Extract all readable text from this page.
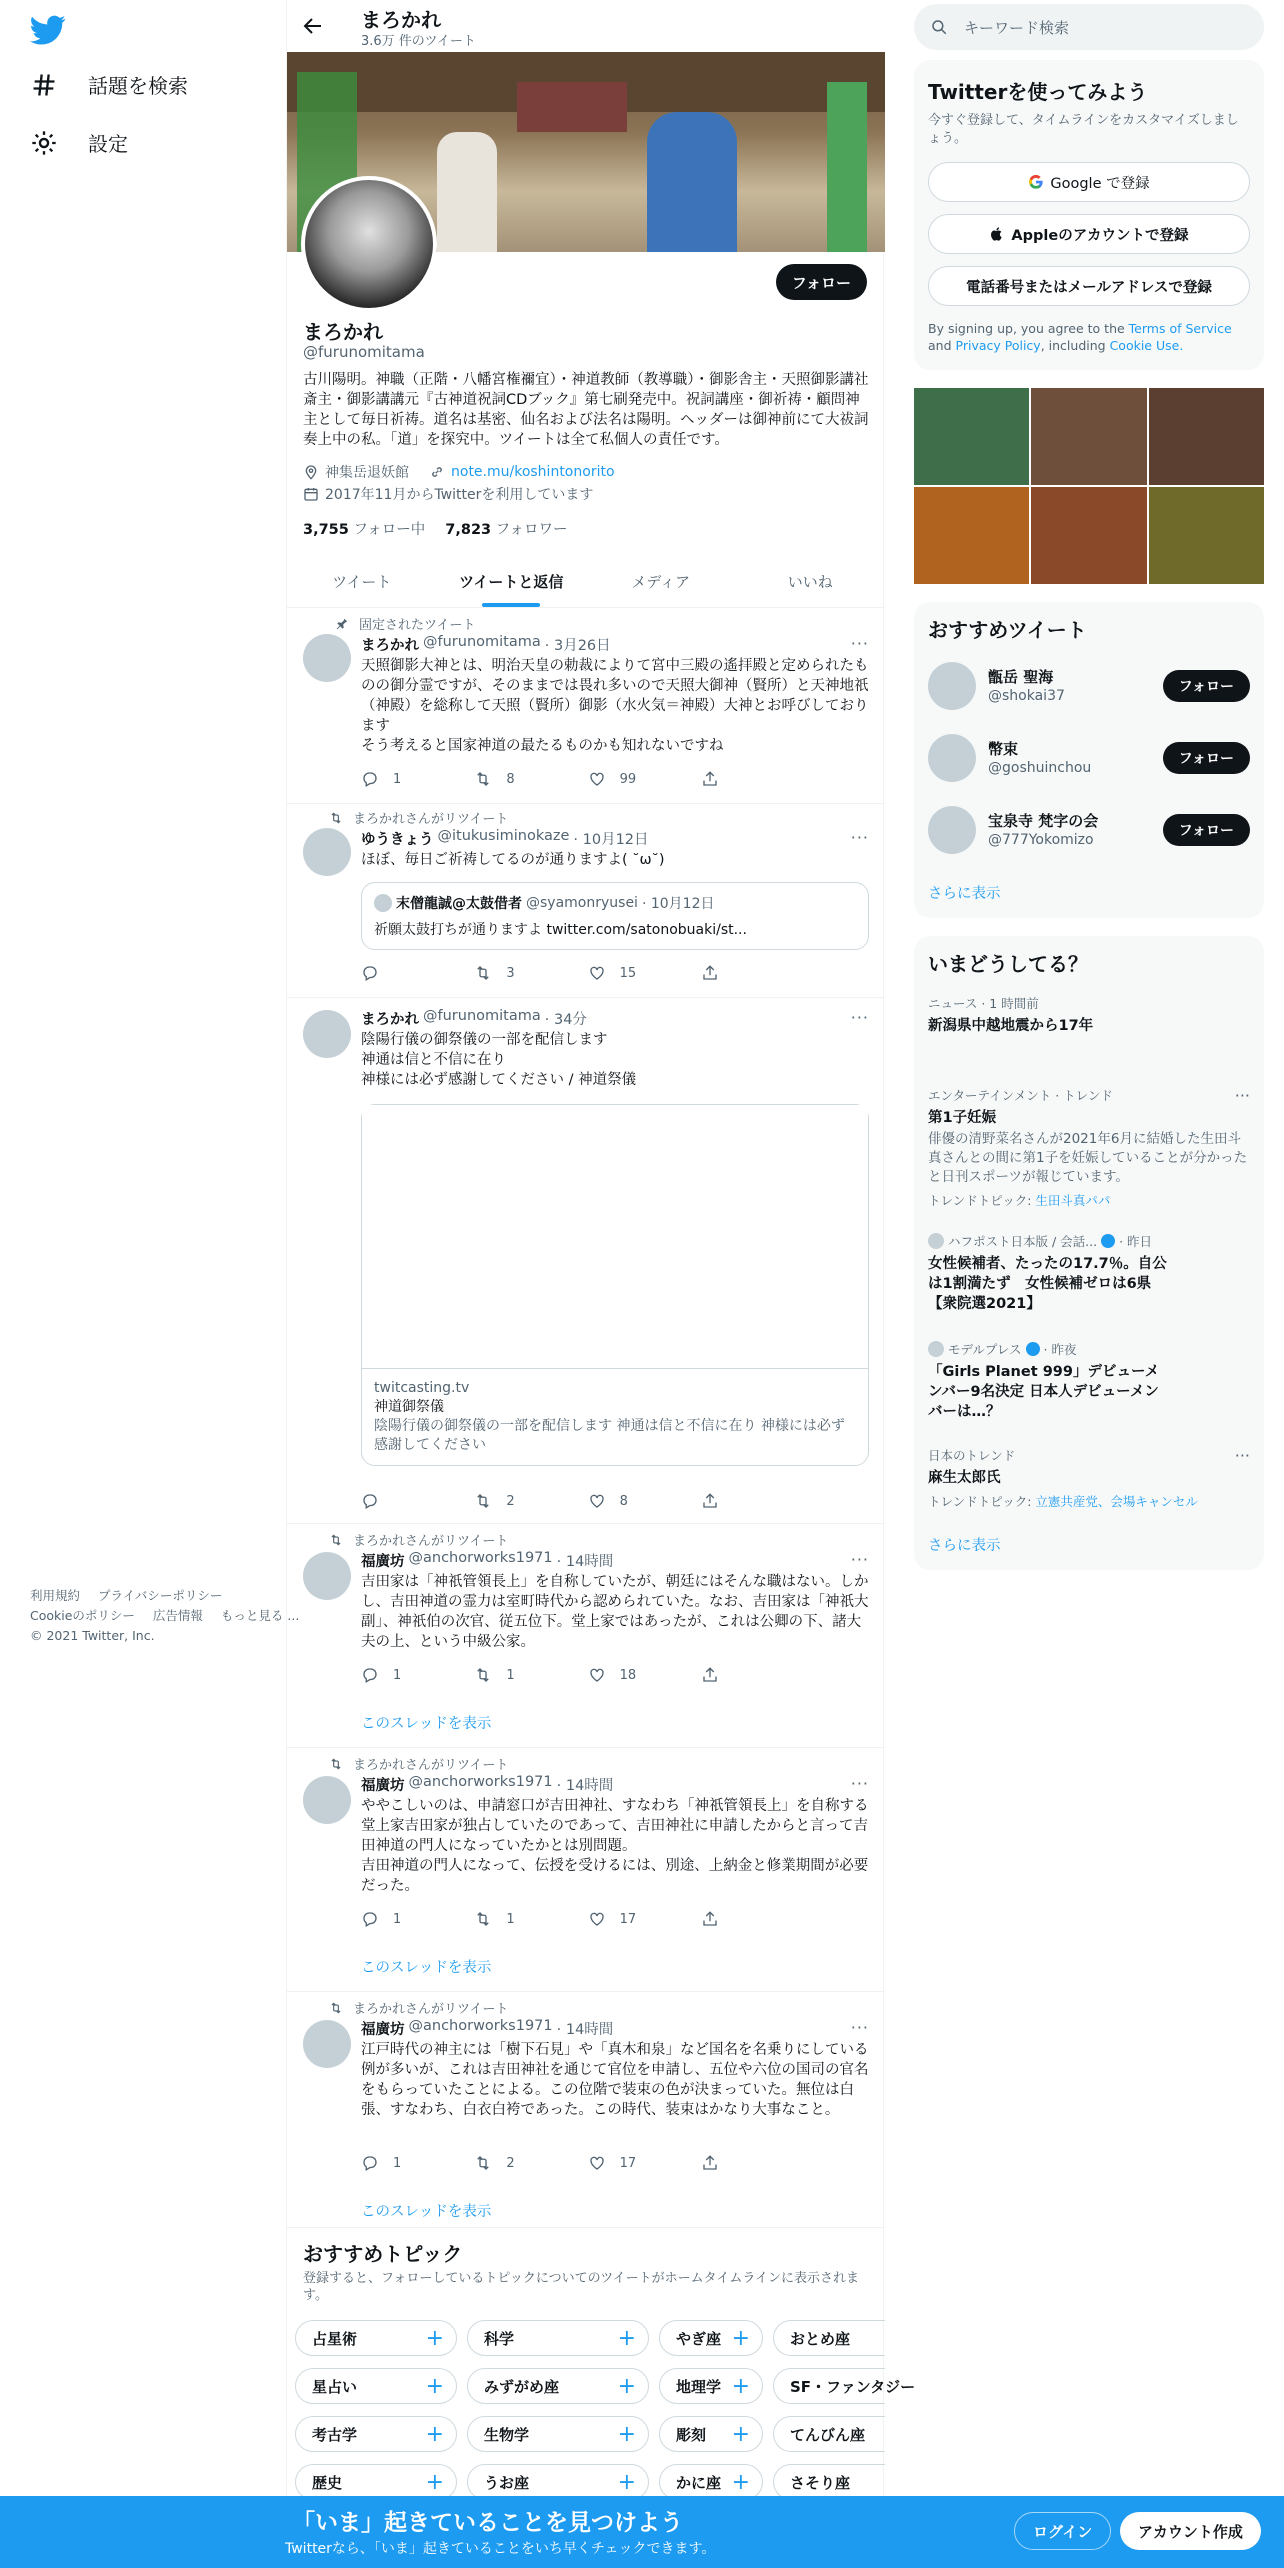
話題を検索
設定
まろかれ
3.6万 件のツイート
フォロー
まろかれ
@furunomitama
古川陽明。神職（正階・八幡宮権禰宜）・神道教師（教導職）・御影舎主・天照御影講社斎主・御影講講元『古神道祝詞CDブック』第七刷発売中。祝詞講座・御祈祷・顧問神主として毎日祈祷。道名は基密、仙名および法名は陽明。ヘッダーは御神前にて大祓詞奏上中の私。「道」を探究中。ツイートは全て私個人の責任です。
神集岳退妖館	note.mu/koshintonorito
2017年11月からTwitterを利用しています
3,755 フォロー中 7,823 フォロワー
ツイート	ツイートと返信	メディア	いいね
固定されたツイート
まろかれ @furunomitama · 3月26日	···
天照御影大神とは、明治天皇の勅裁によりて宮中三殿の遙拝殿と定められたものの御分霊ですが、そのままでは畏れ多いので天照大御神（賢所）と天神地祇（神殿）を総称して天照（賢所）御影（水火気＝神殿）大神とお呼びしております
そう考えると国家神道の最たるものかも知れないですね
1	8	99
まろかれさんがリツイート
ゆうきょう @itukusiminokaze · 10月12日	···
ほぼ、毎日ご祈祷してるのが通りますよ( ˘ω˘)
末僧龍誠@太鼓借者 @syamonryusei · 10月12日
祈願太鼓打ちが通りますよ twitter.com/satonobuaki/st...
3	15
まろかれ @furunomitama · 34分	···
陰陽行儀の御祭儀の一部を配信します
神通は信と不信に在り
神様には必ず感謝してください / 神道祭儀
twitcasting.tv
神道御祭儀
陰陽行儀の御祭儀の一部を配信します 神通は信と不信に在り 神様には必ず感謝してください
2	8
まろかれさんがリツイート
福廣坊 @anchorworks1971 · 14時間	···
吉田家は「神祇管領長上」を自称していたが、朝廷にはそんな職はない。しかし、吉田神道の霊力は室町時代から認められていた。なお、吉田家は「神祇大副」、神祇伯の次官、従五位下。堂上家ではあったが、これは公卿の下、諸大夫の上、という中級公家。
1	1	18
このスレッドを表示
まろかれさんがリツイート
福廣坊 @anchorworks1971 · 14時間	···
ややこしいのは、申請窓口が吉田神社、すなわち「神祇管領長上」を自称する堂上家吉田家が独占していたのであって、吉田神社に申請したからと言って吉田神道の門人になっていたかとは別問題。
吉田神道の門人になって、伝授を受けるには、別途、上納金と修業期間が必要だった。
1	1	17
このスレッドを表示
まろかれさんがリツイート
福廣坊 @anchorworks1971 · 14時間	···
江戸時代の神主には「樹下石見」や「真木和泉」など国名を名乗りにしている例が多いが、これは吉田神社を通じて官位を申請し、五位や六位の国司の官名をもらっていたことによる。この位階で装束の色が決まっていた。無位は白張、すなわち、白衣白袴であった。この時代、装束はかなり大事なこと。
1	2	17
このスレッドを表示
おすすめトピック
登録すると、フォローしているトピックについてのツイートがホームタイムラインに表示されます。
占星術	+	科学	+	やぎ座 +	おとめ座
星占い	+	みずがめ座	+	地理学 +	SF・ファンタジー
考古学	+	生物学	+	彫刻 +	てんびん座
歴史	+	うお座	+	かに座 +	さそり座
キーワード検索
Twitterを使ってみよう
今すぐ登録して、タイムラインをカスタマイズしましょう。
Google で登録
Appleのアカウントで登録
電話番号またはメールアドレスで登録
By signing up, you agree to the Terms of Service and Privacy Policy, including Cookie Use.
おすすめツイート
甑岳 聖海
@shokai37
フォロー
幣束
@goshuinchou
フォロー
宝泉寺 梵字の会
@777Yokomizo
フォロー
さらに表示
いまどうしてる？
ニュース · 1 時間前
新潟県中越地震から17年
エンターテインメント · トレンド	···
第1子妊娠
俳優の清野菜名さんが2021年6月に結婚した生田斗真さんとの間に第1子を妊娠していることが分かったと日刊スポーツが報じています。
トレンドトピック: 生田斗真パパ
ハフポスト日本版 / 会話... · 昨日
女性候補者、たったの17.7％。自公は1割満たず　女性候補ゼロは6県【衆院選2021】
モデルプレス · 昨夜
「Girls Planet 999」デビューメンバー9名決定 日本人デビューメンバーは…？
日本のトレンド	···
麻生太郎氏
トレンドトピック: 立憲共産党、会場キャンセル
さらに表示
利用規約 プライバシーポリシー
Cookieのポリシー 広告情報 もっと見る ...
© 2021 Twitter, Inc.
「いま」起きていることを見つけよう
Twitterなら、「いま」起きていることをいち早くチェックできます。
ログイン	アカウント作成
